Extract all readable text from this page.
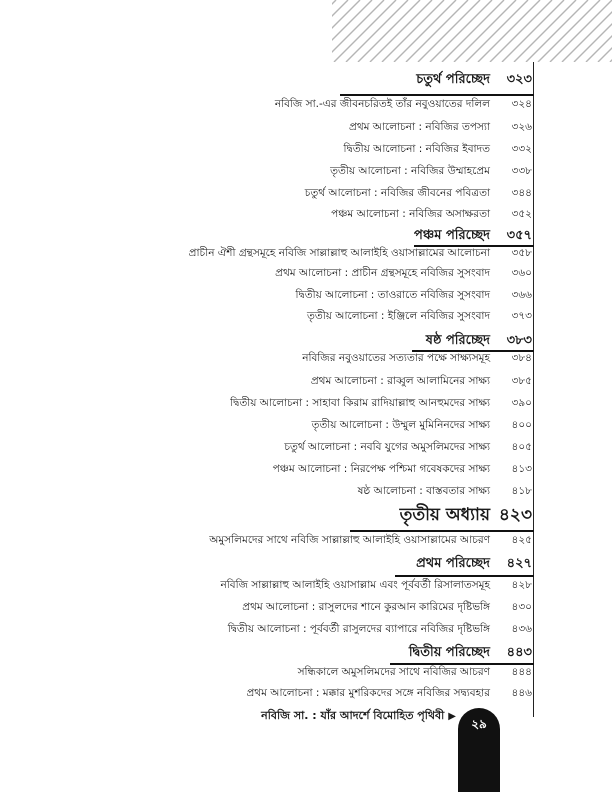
চতুর্থ পরিচ্ছেদ	৩২৩
নবিজি সা.-এর জীবনচরিতই তাঁর নবুওয়াতের দলিল	৩২৪
প্রথম আলোচনা : নবিজির তপস্যা	৩২৬
দ্বিতীয় আলোচনা : নবিজির ইবাদত	৩৩২
তৃতীয় আলোচনা : নবিজির উম্মাহপ্রেম	৩৩৮
চতুর্থ আলোচনা : নবিজির জীবনের পবিত্রতা	৩৪৪
পঞ্চম আলোচনা : নবিজির অসাক্ষরতা	৩৫২
পঞ্চম পরিচ্ছেদ	৩৫৭
প্রাচীন ঐশী গ্রন্থসমূহে নবিজি সাল্লাল্লাহু আলাইহি ওয়াসাল্লামের আলোচনা	৩৫৮
প্রথম আলোচনা : প্রাচীন গ্রন্থসমূহে নবিজির সুসংবাদ	৩৬০
দ্বিতীয় আলোচনা : তাওরাতে নবিজির সুসংবাদ	৩৬৬
তৃতীয় আলোচনা : ইঞ্জিলে নবিজির সুসংবাদ	৩৭৩
ষষ্ঠ পরিচ্ছেদ	৩৮৩
নবিজির নবুওয়াতের সত্যতার পক্ষে সাক্ষ্যসমূহ	৩৮৪
প্রথম আলোচনা : রাব্বুল আলামিনের সাক্ষ্য	৩৮৫
দ্বিতীয় আলোচনা : সাহাবা কিরাম রাদিয়াল্লাহু আনহুমদের সাক্ষ্য	৩৯০
তৃতীয় আলোচনা : উম্মুল মুমিনিনদের সাক্ষ্য	৪০০
চতুর্থ আলোচনা : নববি যুগের অমুসলিমদের সাক্ষ্য	৪০৫
পঞ্চম আলোচনা : নিরপেক্ষ পশ্চিমা গবেষকদের সাক্ষ্য	৪১৩
ষষ্ঠ আলোচনা : বাস্তবতার সাক্ষ্য	৪১৮
তৃতীয় অধ্যায় ৪২৩
অমুসলিমদের সাথে নবিজি সাল্লাল্লাহু আলাইহি ওয়াসাল্লামের আচরণ	৪২৫
প্রথম পরিচ্ছেদ	৪২৭
নবিজি সাল্লাল্লাহু আলাইহি ওয়াসাল্লাম এবং পূর্ববর্তী রিসালাতসমূহ	৪২৮
প্রথম আলোচনা : রাসুলদের শানে কুরআন কারিমের দৃষ্টিভঙ্গি	৪৩০
দ্বিতীয় আলোচনা : পূর্ববর্তী রাসুলদের ব্যাপারে নবিজির দৃষ্টিভঙ্গি	৪৩৬
দ্বিতীয় পরিচ্ছেদ	৪৪৩
সন্ধিকালে অমুসলিমদের সাথে নবিজির আচরণ	৪৪৪
প্রথম আলোচনা : মক্কার মুশরিকদের সঙ্গে নবিজির সদ্ব্যবহার	৪৪৬
নবিজি সা. : যাঁর আদর্শে বিমোহিত পৃথিবী ▶
২৯
